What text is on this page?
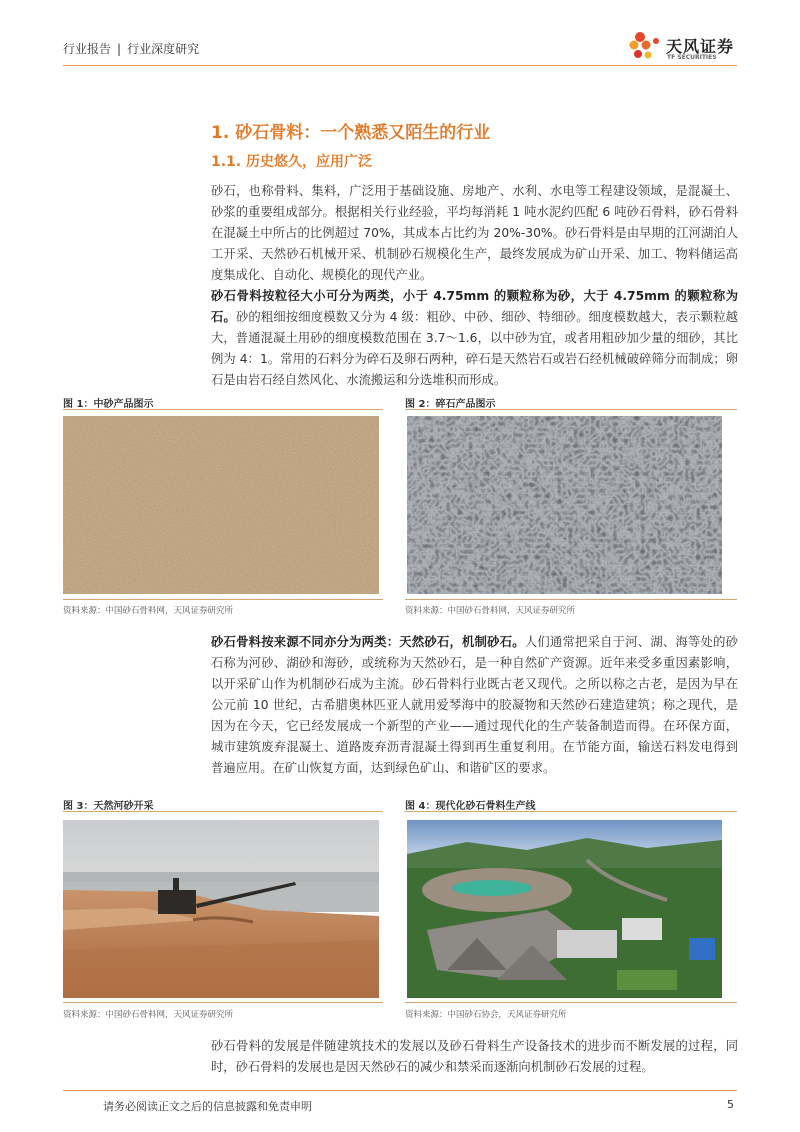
行业报告 | 行业深度研究	天风证券
TF SECURITIES
1. 砂石骨料：一个熟悉又陌生的行业
1.1. 历史悠久，应用广泛
砂石，也称骨料、集料，广泛用于基础设施、房地产、水利、水电等工程建设领域，是混凝土、砂浆的重要组成部分。根据相关行业经验，平均每消耗 1 吨水泥约匹配 6 吨砂石骨料，砂石骨料在混凝土中所占的比例超过 70%，其成本占比约为 20%-30%。砂石骨料是由早期的江河湖泊人工开采、天然砂石机械开采、机制砂石规模化生产，最终发展成为矿山开采、加工、物料储运高度集成化、自动化、规模化的现代产业。
砂石骨料按粒径大小可分为两类，小于 4.75mm 的颗粒称为砂，大于 4.75mm 的颗粒称为石。砂的粗细按细度模数又分为 4 级：粗砂、中砂、细砂、特细砂。细度模数越大，表示颗粒越大，普通混凝土用砂的细度模数范围在 3.7～1.6，以中砂为宜，或者用粗砂加少量的细砂，其比例为 4：1。常用的石料分为碎石及卵石两种，碎石是天然岩石或岩石经机械破碎筛分而制成；卵石是由岩石经自然风化、水流搬运和分选堆积而形成。
图 1：中砂产品图示
资料来源：中国砂石骨料网，天风证券研究所
图 2：碎石产品图示
资料来源：中国砂石骨料网，天风证券研究所
砂石骨料按来源不同亦分为两类：天然砂石，机制砂石。人们通常把采自于河、湖、海等处的砂石称为河砂、湖砂和海砂，或统称为天然砂石，是一种自然矿产资源。近年来受多重因素影响，以开采矿山作为机制砂石成为主流。砂石骨料行业既古老又现代。之所以称之古老，是因为早在公元前 10 世纪，古希腊奥林匹亚人就用爱琴海中的胶凝物和天然砂石建造建筑；称之现代，是因为在今天，它已经发展成一个新型的产业——通过现代化的生产装备制造而得。在环保方面，城市建筑废弃混凝土、道路废弃沥青混凝土得到再生重复利用。在节能方面，输送石料发电得到普遍应用。在矿山恢复方面，达到绿色矿山、和谐矿区的要求。
图 3：天然河砂开采
资料来源：中国砂石骨料网，天风证券研究所
图 4：现代化砂石骨料生产线
资料来源：中国砂石协会，天风证券研究所
砂石骨料的发展是伴随建筑技术的发展以及砂石骨料生产设备技术的进步而不断发展的过程，同时，砂石骨料的发展也是因天然砂石的减少和禁采而逐渐向机制砂石发展的过程。
请务必阅读正文之后的信息披露和免责申明	5
